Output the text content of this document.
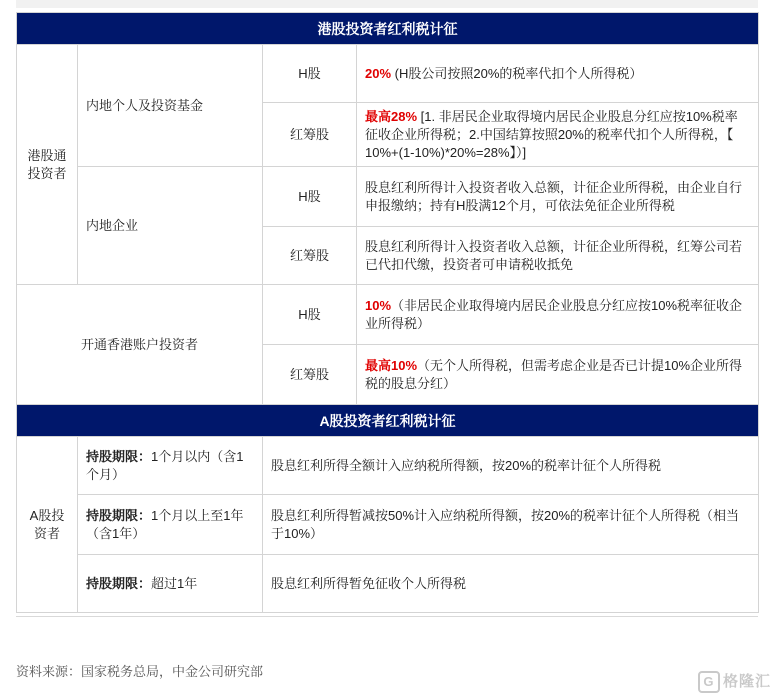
港股投资者红利税计征			
港股通投资者	内地个人及投资基金	H股	20% (H股公司按照20%的税率代扣个人所得税）
		红筹股	最高28% [1. 非居民企业取得境内居民企业股息分红应按10%税率征收企业所得税；2.中国结算按照20%的税率代扣个人所得税，【 10%+(1-10%)*20%=28%】）]
	内地企业	H股	股息红利所得计入投资者收入总额，计征企业所得税，由企业自行申报缴纳；持有H股满12个月，可依法免征企业所得税
		红筹股	股息红利所得计入投资者收入总额，计征企业所得税，红筹公司若已代扣代缴，投资者可申请税收抵免
开通香港账户投资者		H股	10%（非居民企业取得境内居民企业股息分红应按10%税率征收企业所得税）
		红筹股	最高10%（无个人所得税，但需考虑企业是否已计提10%企业所得税的股息分红）
A股投资者红利税计征			
A股投资者	持股期限：1个月以内（含1个月）	股息红利所得全额计入应纳税所得额，按20%的税率计征个人所得税	
	持股期限：1个月以上至1年（含1年）	股息红利所得暂减按50%计入应纳税所得额，按20%的税率计征个人所得税（相当于10%）	
	持股期限：超过1年	股息红利所得暂免征收个人所得税	
资料来源：国家税务总局，中金公司研究部
G 格隆汇
